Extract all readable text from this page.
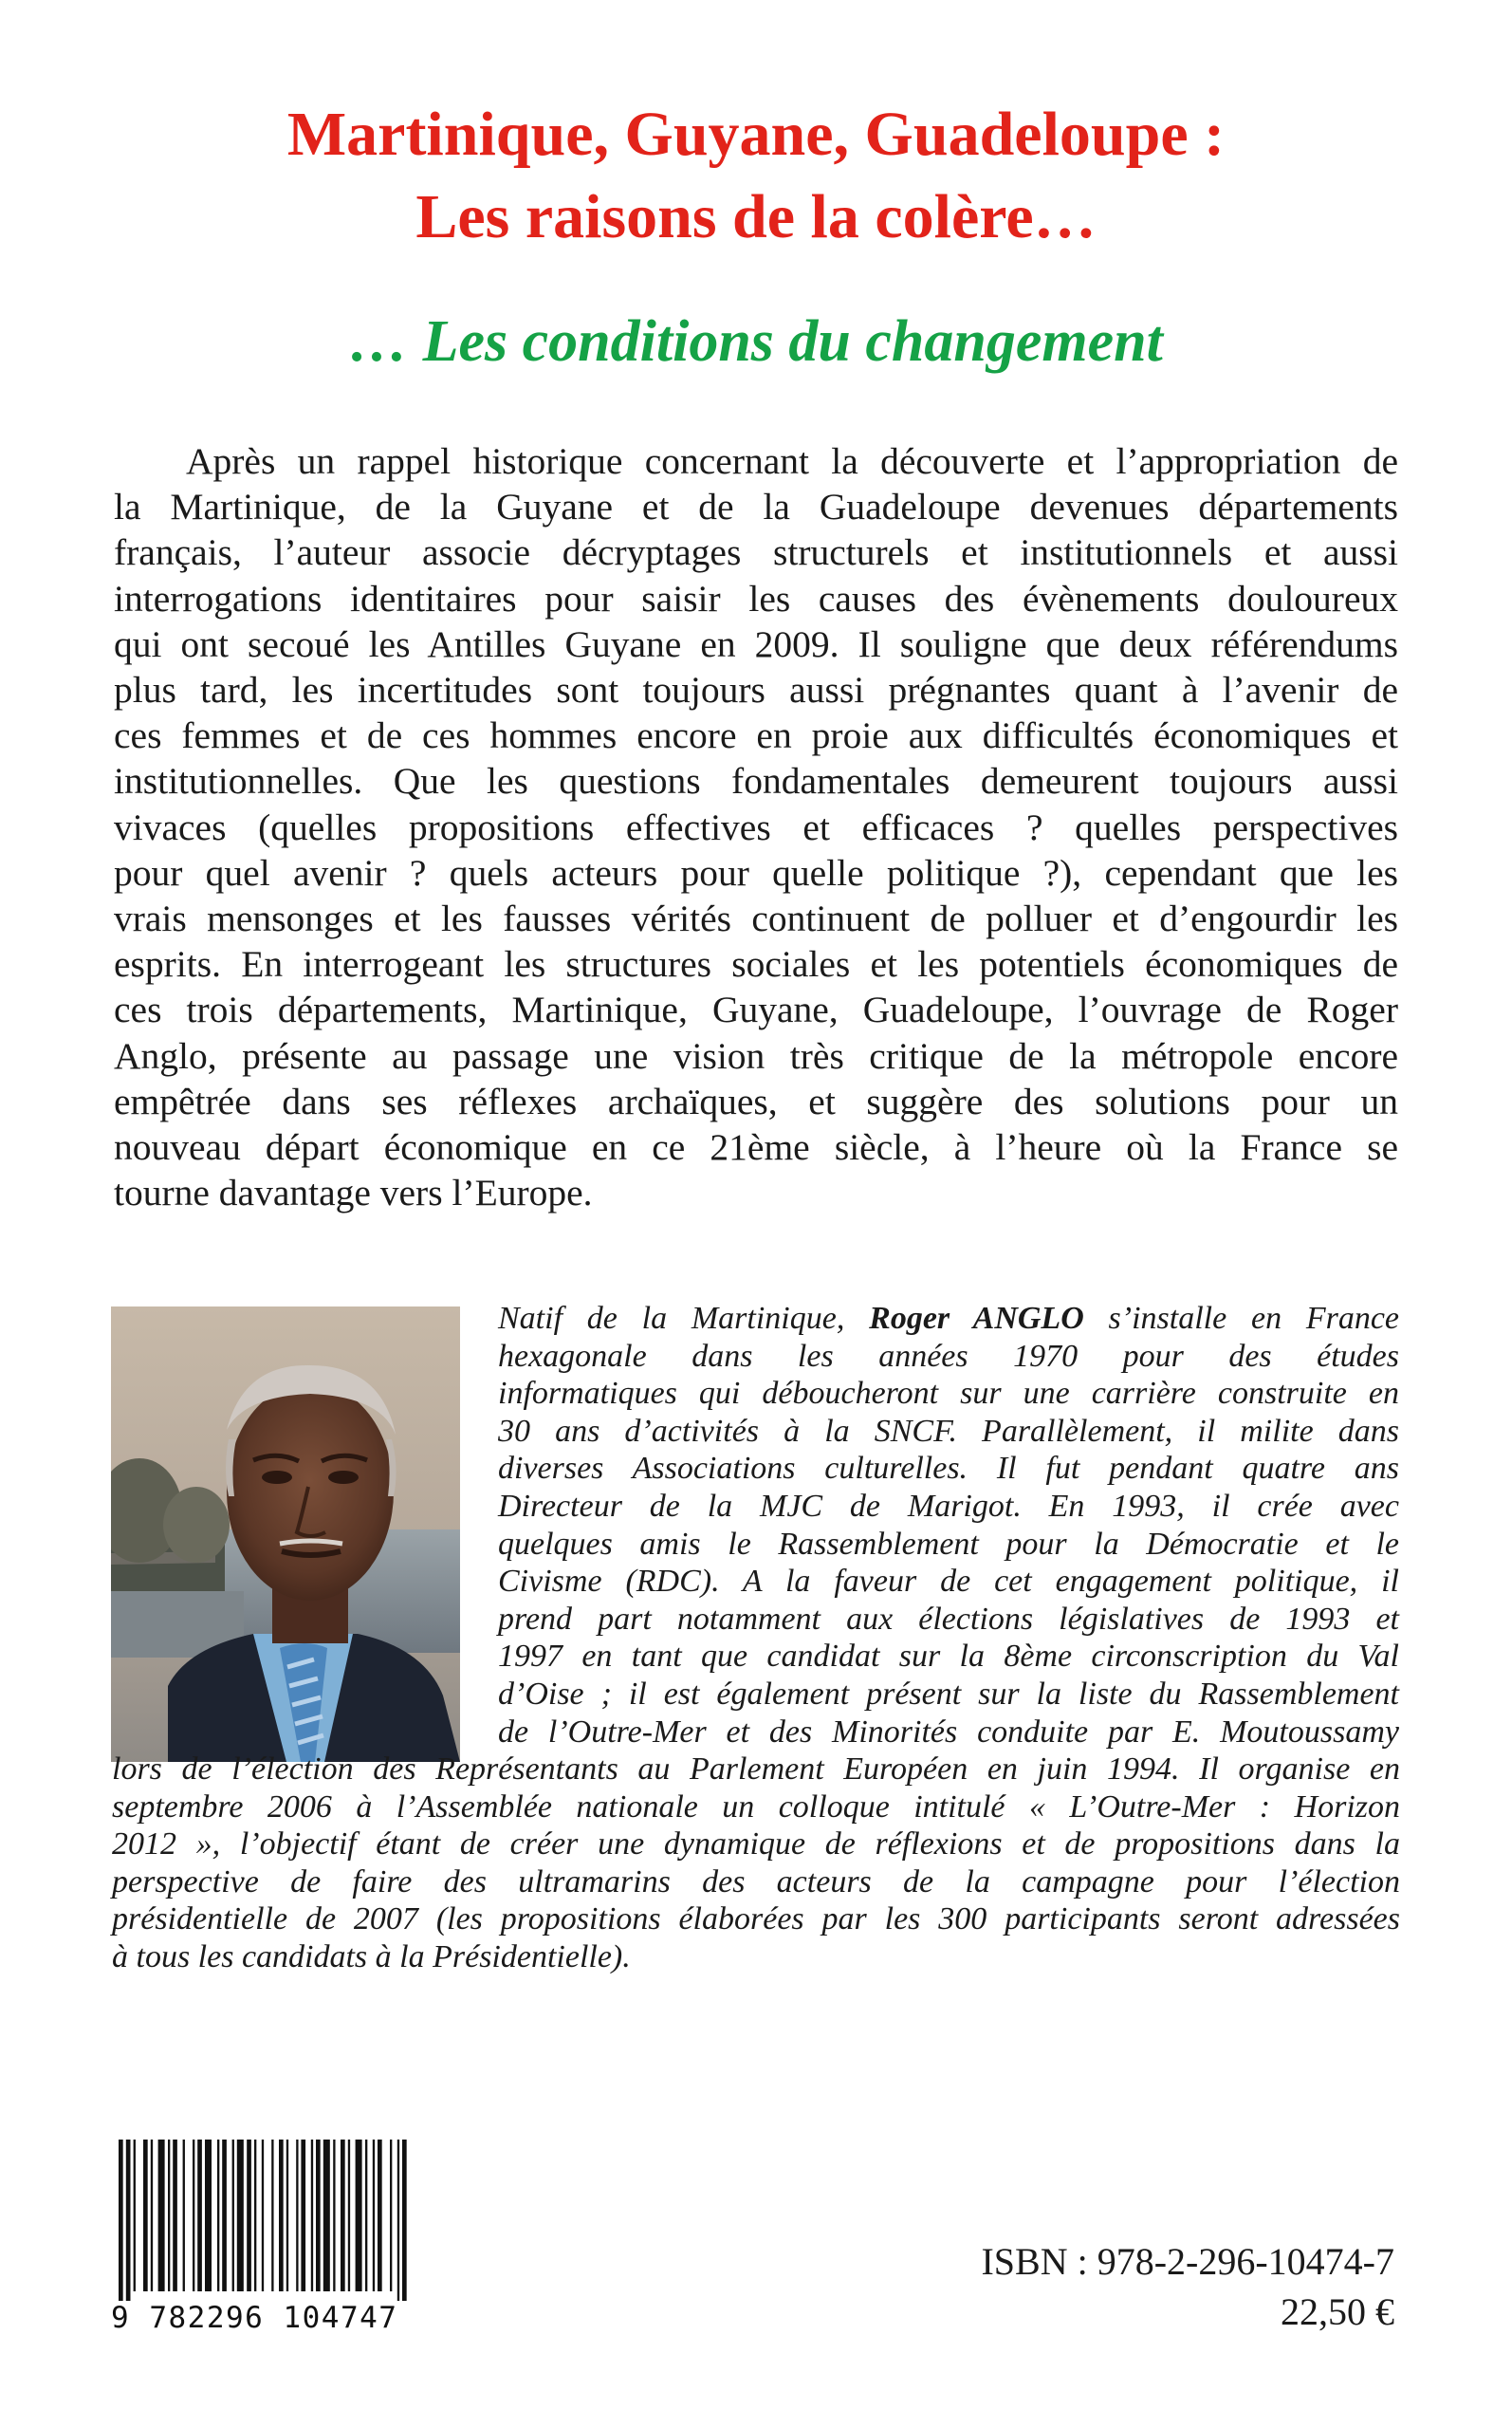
Martinique, Guyane, Guadeloupe :
Les raisons de la colère…
… Les conditions du changement

Après un rappel historique concernant la découverte et l’appropriation de
la Martinique, de la Guyane et de la Guadeloupe devenues départements
français, l’auteur associe décryptages structurels et institutionnels et aussi
interrogations identitaires pour saisir les causes des évènements douloureux
qui ont secoué les Antilles Guyane en 2009. Il souligne que deux référendums
plus tard, les incertitudes sont toujours aussi prégnantes quant à l’avenir de
ces femmes et de ces hommes encore en proie aux difficultés économiques et
institutionnelles. Que les questions fondamentales demeurent toujours aussi
vivaces (quelles propositions effectives et efficaces ? quelles perspectives
pour quel avenir ? quels acteurs pour quelle politique ?), cependant que les
vrais mensonges et les fausses vérités continuent de polluer et d’engourdir les
esprits. En interrogeant les structures sociales et les potentiels économiques de
ces trois départements, Martinique, Guyane, Guadeloupe, l’ouvrage de Roger
Anglo, présente au passage une vision très critique de la métropole encore
empêtrée dans ses réflexes archaïques, et suggère des solutions pour un
nouveau départ économique en ce 21ème siècle, à l’heure où la France se
tourne davantage vers l’Europe.

Natif de la Martinique, Roger ANGLO s’installe en France
hexagonale dans les années 1970 pour des études
informatiques qui déboucheront sur une carrière construite en
30 ans d’activités à la SNCF. Parallèlement, il milite dans
diverses Associations culturelles. Il fut pendant quatre ans
Directeur de la MJC de Marigot. En 1993, il crée avec
quelques amis le Rassemblement pour la Démocratie et le
Civisme (RDC). A la faveur de cet engagement politique, il
prend part notamment aux élections législatives de 1993 et
1997 en tant que candidat sur la 8ème circonscription du Val
d’Oise ; il est également présent sur la liste du Rassemblement
de l’Outre-Mer et des Minorités conduite par E. Moutoussamy
lors de l’élection des Représentants au Parlement Européen en juin 1994. Il organise en
septembre 2006 à l’Assemblée nationale un colloque intitulé « L’Outre-Mer : Horizon
2012 », l’objectif étant de créer une dynamique de réflexions et de propositions dans la
perspective de faire des ultramarins des acteurs de la campagne pour l’élection
présidentielle de 2007 (les propositions élaborées par les 300 participants seront adressées
à tous les candidats à la Présidentielle).
9 782296 104747
ISBN : 978-2-296-10474-7
22,50 €
